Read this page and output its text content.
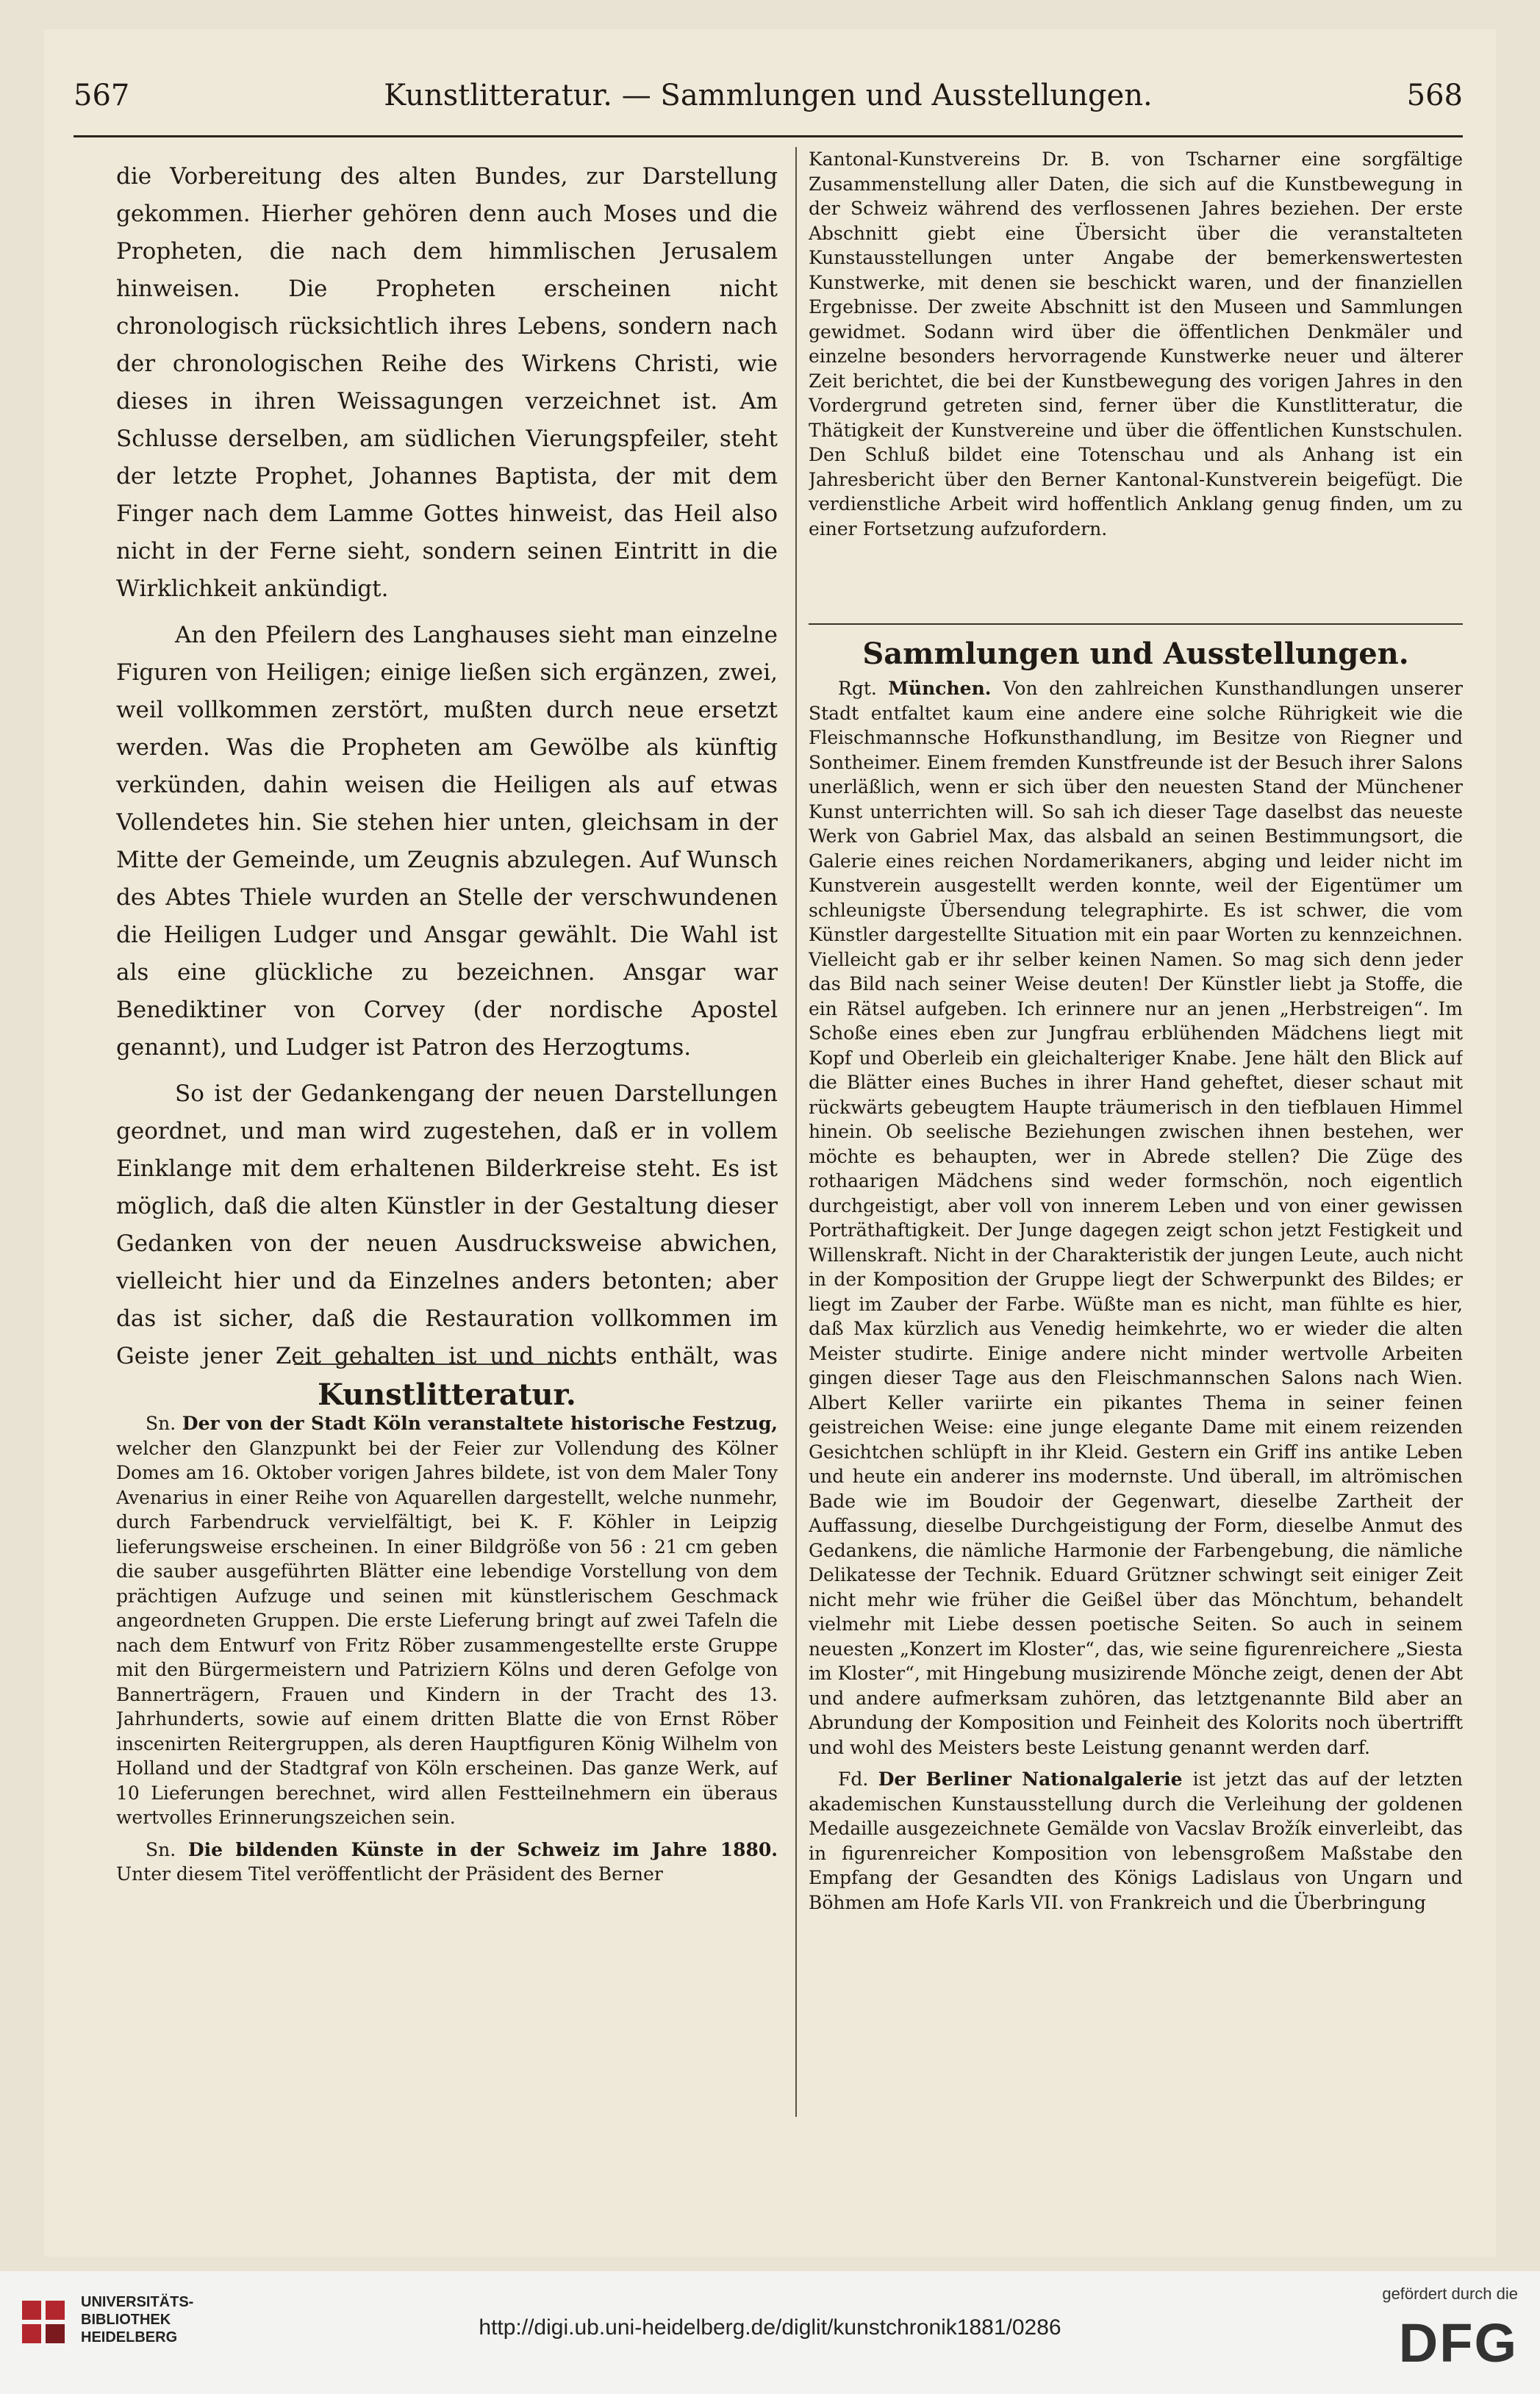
567	Kunstlitteratur. — Sammlungen und Ausstellungen.	568

die Vorbereitung des alten Bundes, zur Darstellung gekommen. Hierher gehören denn auch Moses und die Propheten, die nach dem himmlischen Jerusalem hinweisen. Die Propheten erscheinen nicht chronologisch rücksichtlich ihres Lebens, sondern nach der chronologischen Reihe des Wirkens Christi, wie dieses in ihren Weissagungen verzeichnet ist. Am Schlusse derselben, am südlichen Vierungspfeiler, steht der letzte Prophet, Johannes Baptista, der mit dem Finger nach dem Lamme Gottes hinweist, das Heil also nicht in der Ferne sieht, sondern seinen Eintritt in die Wirklichkeit ankündigt.

An den Pfeilern des Langhauses sieht man einzelne Figuren von Heiligen; einige ließen sich ergänzen, zwei, weil vollkommen zerstört, mußten durch neue ersetzt werden. Was die Propheten am Gewölbe als künftig verkünden, dahin weisen die Heiligen als auf etwas Vollendetes hin. Sie stehen hier unten, gleichsam in der Mitte der Gemeinde, um Zeugnis abzulegen. Auf Wunsch des Abtes Thiele wurden an Stelle der verschwundenen die Heiligen Ludger und Ansgar gewählt. Die Wahl ist als eine glückliche zu bezeichnen. Ansgar war Benediktiner von Corvey (der nordische Apostel genannt), und Ludger ist Patron des Herzogtums.

So ist der Gedankengang der neuen Darstellungen geordnet, und man wird zugestehen, daß er in vollem Einklange mit dem erhaltenen Bilderkreise steht. Es ist möglich, daß die alten Künstler in der Gestaltung dieser Gedanken von der neuen Ausdrucksweise abwichen, vielleicht hier und da Einzelnes anders betonten; aber das ist sicher, daß die Restauration vollkommen im Geiste jener Zeit gehalten ist und nichts enthält, was

Kunstlitteratur.

Sn. Der von der Stadt Köln veranstaltete historische Festzug, welcher den Glanzpunkt bei der Feier zur Vollendung des Kölner Domes am 16. Oktober vorigen Jahres bildete, ist von dem Maler Tony Avenarius in einer Reihe von Aquarellen dargestellt, welche nunmehr, durch Farbendruck vervielfältigt, bei K. F. Köhler in Leipzig lieferungsweise erscheinen. In einer Bildgröße von 56 : 21 cm geben die sauber ausgeführten Blätter eine lebendige Vorstellung von dem prächtigen Aufzuge und seinen mit künstlerischem Geschmack angeordneten Gruppen. Die erste Lieferung bringt auf zwei Tafeln die nach dem Entwurf von Fritz Röber zusammengestellte erste Gruppe mit den Bürgermeistern und Patriziern Kölns und deren Gefolge von Bannerträgern, Frauen und Kindern in der Tracht des 13. Jahrhunderts, sowie auf einem dritten Blatte die von Ernst Röber inscenirten Reitergruppen, als deren Hauptfiguren König Wilhelm von Holland und der Stadtgraf von Köln erscheinen. Das ganze Werk, auf 10 Lieferungen berechnet, wird allen Festteilnehmern ein überaus wertvolles Erinnerungszeichen sein.

Sn. Die bildenden Künste in der Schweiz im Jahre 1880. Unter diesem Titel veröffentlicht der Präsident des Berner

Kantonal-Kunstvereins Dr. B. von Tscharner eine sorgfältige Zusammenstellung aller Daten, die sich auf die Kunstbewegung in der Schweiz während des verflossenen Jahres beziehen. Der erste Abschnitt giebt eine Übersicht über die veranstalteten Kunstausstellungen unter Angabe der bemerkenswertesten Kunstwerke, mit denen sie beschickt waren, und der finanziellen Ergebnisse. Der zweite Abschnitt ist den Museen und Sammlungen gewidmet. Sodann wird über die öffentlichen Denkmäler und einzelne besonders hervorragende Kunstwerke neuer und älterer Zeit berichtet, die bei der Kunstbewegung des vorigen Jahres in den Vordergrund getreten sind, ferner über die Kunstlitteratur, die Thätigkeit der Kunstvereine und über die öffentlichen Kunstschulen. Den Schluß bildet eine Totenschau und als Anhang ist ein Jahresbericht über den Berner Kantonal-Kunstverein beigefügt. Die verdienstliche Arbeit wird hoffentlich Anklang genug finden, um zu einer Fortsetzung aufzufordern.

Sammlungen und Ausstellungen.

Rgt. München. Von den zahlreichen Kunsthandlungen unserer Stadt entfaltet kaum eine andere eine solche Rührigkeit wie die Fleischmannsche Hofkunsthandlung, im Besitze von Riegner und Sontheimer. Einem fremden Kunstfreunde ist der Besuch ihrer Salons unerläßlich, wenn er sich über den neuesten Stand der Münchener Kunst unterrichten will. So sah ich dieser Tage daselbst das neueste Werk von Gabriel Max, das alsbald an seinen Bestimmungsort, die Galerie eines reichen Nordamerikaners, abging und leider nicht im Kunstverein ausgestellt werden konnte, weil der Eigentümer um schleunigste Übersendung telegraphirte. Es ist schwer, die vom Künstler dargestellte Situation mit ein paar Worten zu kennzeichnen. Vielleicht gab er ihr selber keinen Namen. So mag sich denn jeder das Bild nach seiner Weise deuten! Der Künstler liebt ja Stoffe, die ein Rätsel aufgeben. Ich erinnere nur an jenen „Herbstreigen“. Im Schoße eines eben zur Jungfrau erblühenden Mädchens liegt mit Kopf und Oberleib ein gleichalteriger Knabe. Jene hält den Blick auf die Blätter eines Buches in ihrer Hand geheftet, dieser schaut mit rückwärts gebeugtem Haupte träumerisch in den tiefblauen Himmel hinein. Ob seelische Beziehungen zwischen ihnen bestehen, wer möchte es behaupten, wer in Abrede stellen? Die Züge des rothaarigen Mädchens sind weder formschön, noch eigentlich durchgeistigt, aber voll von innerem Leben und von einer gewissen Porträthaftigkeit. Der Junge dagegen zeigt schon jetzt Festigkeit und Willenskraft. Nicht in der Charakteristik der jungen Leute, auch nicht in der Komposition der Gruppe liegt der Schwerpunkt des Bildes; er liegt im Zauber der Farbe. Wüßte man es nicht, man fühlte es hier, daß Max kürzlich aus Venedig heimkehrte, wo er wieder die alten Meister studirte. Einige andere nicht minder wertvolle Arbeiten gingen dieser Tage aus den Fleischmannschen Salons nach Wien. Albert Keller variirte ein pikantes Thema in seiner feinen geistreichen Weise: eine junge elegante Dame mit einem reizenden Gesichtchen schlüpft in ihr Kleid. Gestern ein Griff ins antike Leben und heute ein anderer ins modernste. Und überall, im altrömischen Bade wie im Boudoir der Gegenwart, dieselbe Zartheit der Auffassung, dieselbe Durchgeistigung der Form, dieselbe Anmut des Gedankens, die nämliche Harmonie der Farbengebung, die nämliche Delikatesse der Technik. Eduard Grützner schwingt seit einiger Zeit nicht mehr wie früher die Geißel über das Mönchtum, behandelt vielmehr mit Liebe dessen poetische Seiten. So auch in seinem neuesten „Konzert im Kloster“, das, wie seine figurenreichere „Siesta im Kloster“, mit Hingebung musizirende Mönche zeigt, denen der Abt und andere aufmerksam zuhören, das letztgenannte Bild aber an Abrundung der Komposition und Feinheit des Kolorits noch übertrifft und wohl des Meisters beste Leistung genannt werden darf.

Fd. Der Berliner Nationalgalerie ist jetzt das auf der letzten akademischen Kunstausstellung durch die Verleihung der goldenen Medaille ausgezeichnete Gemälde von Vacslav Brožík einverleibt, das in figurenreicher Komposition von lebensgroßem Maßstabe den Empfang der Gesandten des Königs Ladislaus von Ungarn und Böhmen am Hofe Karls VII. von Frankreich und die Überbringung

UNIVERSITÄTS-
BIBLIOTHEK
HEIDELBERG	http://digi.ub.uni-heidelberg.de/diglit/kunstchronik1881/0286
gefördert durch die
DFG
